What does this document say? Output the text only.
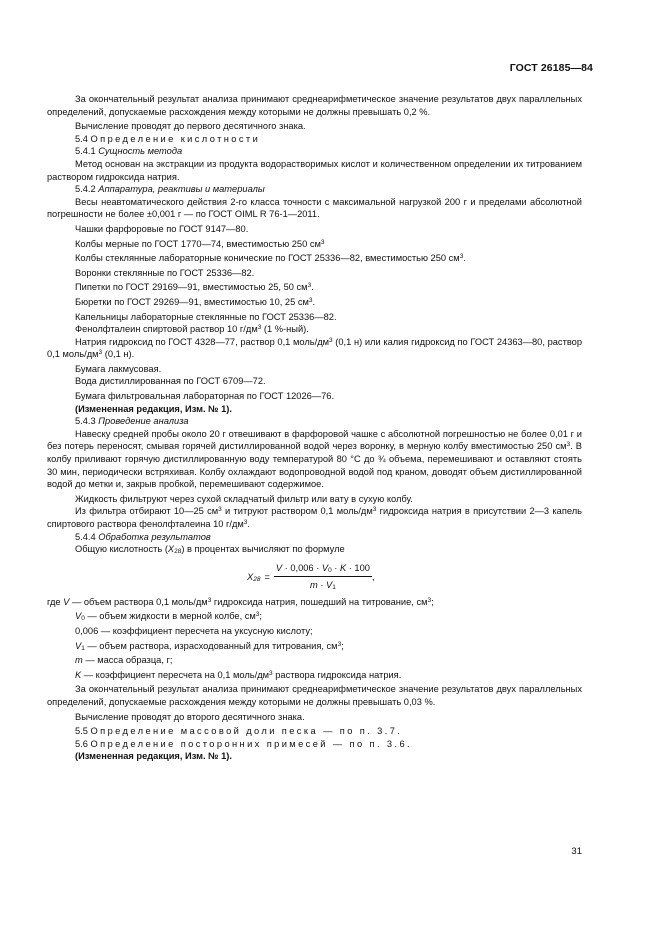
ГОСТ 26185—84

За окончательный результат анализа принимают среднеарифметическое значение результатов двух параллельных определений, допускаемые расхождения между которыми не должны превышать 0,2 %.

Вычисление проводят до первого десятичного знака.

5.4 Определение кислотности

5.4.1 Сущность метода

Метод основан на экстракции из продукта водорастворимых кислот и количественном определении их титрованием раствором гидроксида натрия.

5.4.2 Аппаратура, реактивы и материалы

Весы неавтоматического действия 2-го класса точности с максимальной нагрузкой 200 г и пределами абсолютной погрешности не более ±0,001 г — по ГОСТ OIML R 76-1—2011.

Чашки фарфоровые по ГОСТ 9147—80.

Колбы мерные по ГОСТ 1770—74, вместимостью 250 $см^3$

Колбы стеклянные лабораторные конические по ГОСТ 25336—82, вместимостью 250 $см^3$.

Воронки стеклянные по ГОСТ 25336—82.

Пипетки по ГОСТ 29169—91, вместимостью 25, 50 $см^3$.

Бюретки по ГОСТ 29269—91, вместимостью 10, 25 $см^3$.

Капельницы лабораторные стеклянные по ГОСТ 25336—82.

Фенолфталеин спиртовой раствор 10 $г/дм^3$ (1 %-ный).

Натрия гидроксид по ГОСТ 4328—77, раствор 0,1 моль/$дм^3$ (0,1 н) или калия гидроксид по ГОСТ 24363—80, раствор 0,1 моль/$дм^3$ (0,1 н).

Бумага лакмусовая.

Вода дистиллированная по ГОСТ 6709—72.

Бумага фильтровальная лабораторная по ГОСТ 12026—76.

(Измененная редакция, Изм. № 1).

5.4.3 Проведение анализа

Навеску средней пробы около 20 г отвешивают в фарфоровой чашке с абсолютной погрешностью не более 0,01 г и без потерь переносят, смывая горячей дистиллированной водой через воронку, в мерную колбу вместимостью 250 $см^3$. В колбу приливают горячую дистиллированную воду температурой 80 °С до ¾ объема, перемешивают и оставляют стоять 30 мин, периодически встряхивая. Колбу охлаждают водопроводной водой под краном, доводят объем дистиллированной водой до метки и, закрыв пробкой, перемешивают содержимое.

Жидкость фильтруют через сухой складчатый фильтр или вату в сухую колбу.

Из фильтра отбирают 10—25 $см^3$ и титруют раствором 0,1 моль/$дм^3$ гидроксида натрия в присутствии 2—3 капель спиртового раствора фенолфталеина 10 $г/дм^3$.

5.4.4 Обработка результатов

Общую кислотность $(X_{28})$ в процентах вычисляют по формуле

$X_{28} = \frac{V \cdot 0,006 \cdot V_0 \cdot K \cdot 100}{m \cdot V_1}$ ,

где V — объем раствора 0,1 моль/$дм^3$ гидроксида натрия, пошедший на титрование, $см^3$;

$V_0$ — объем жидкости в мерной колбе, $см^3$;

0,006 — коэффициент пересчета на уксусную кислоту;

$V_1$ — объем раствора, израсходованный для титрования, $см^3$;

m — масса образца, г;

K — коэффициент пересчета на 0,1 моль/$дм^3$ раствора гидроксида натрия.

За окончательный результат анализа принимают среднеарифметическое значение результатов двух параллельных определений, допускаемые расхождения между которыми не должны превышать 0,03 %.

Вычисление проводят до второго десятичного знака.

5.5 Определение массовой доли песка — по п. 3.7.

5.6 Определение посторонних примесей — по п. 3.6.

(Измененная редакция, Изм. № 1).

31
